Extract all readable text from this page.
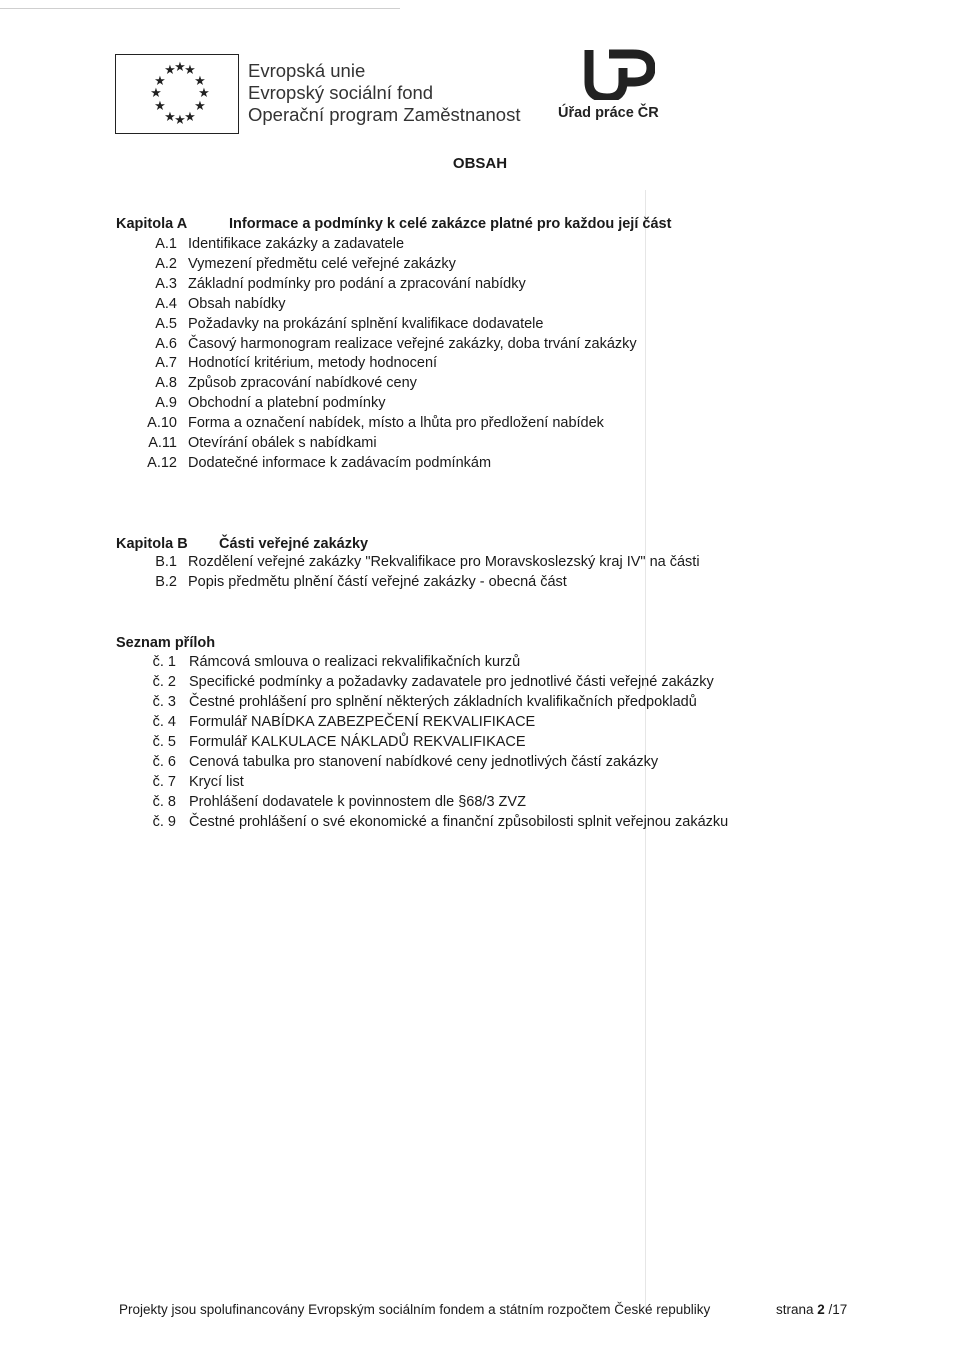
★
★
★
★ ★
★	★
★ ★
★
★
★
Evropská unie
Evropský sociální fond
Operační program Zaměstnanost	Úřad práce ČR
OBSAH
Kapitola A	Informace a podmínky k celé zakázce platné pro každou její část
A.1 Identifikace zakázky a zadavatele
A.2 Vymezení předmětu celé veřejné zakázky
A.3 Základní podmínky pro podání a zpracování nabídky
A.4 Obsah nabídky
A.5 Požadavky na prokázání splnění kvalifikace dodavatele
A.6 Časový harmonogram realizace veřejné zakázky, doba trvání zakázky
A.7 Hodnotící kritérium, metody hodnocení
A.8 Způsob zpracování nabídkové ceny
A.9 Obchodní a platební podmínky
A.10 Forma a označení nabídek, místo a lhůta pro předložení nabídek
A.11 Otevírání obálek s nabídkami
A.12 Dodatečné informace k zadávacím podmínkám
Kapitola B Části veřejné zakázky
B.1 Rozdělení veřejné zakázky "Rekvalifikace pro Moravskoslezský kraj IV" na části
B.2 Popis předmětu plnění částí veřejné zakázky - obecná část
Seznam příloh
č. 1 Rámcová smlouva o realizaci rekvalifikačních kurzů
č. 2 Specifické podmínky a požadavky zadavatele pro jednotlivé části veřejné zakázky
č. 3 Čestné prohlášení pro splnění některých základních kvalifikačních předpokladů
č. 4 Formulář NABÍDKA ZABEZPEČENÍ REKVALIFIKACE
č. 5 Formulář KALKULACE NÁKLADŮ REKVALIFIKACE
č. 6 Cenová tabulka pro stanovení nabídkové ceny jednotlivých částí zakázky
č. 7 Krycí list
č. 8 Prohlášení dodavatele k povinnostem dle §68/3 ZVZ
č. 9 Čestné prohlášení o své ekonomické a finanční způsobilosti splnit veřejnou zakázku
Projekty jsou spolufinancovány Evropským sociálním fondem a státním rozpočtem České republiky	strana 2 /17
